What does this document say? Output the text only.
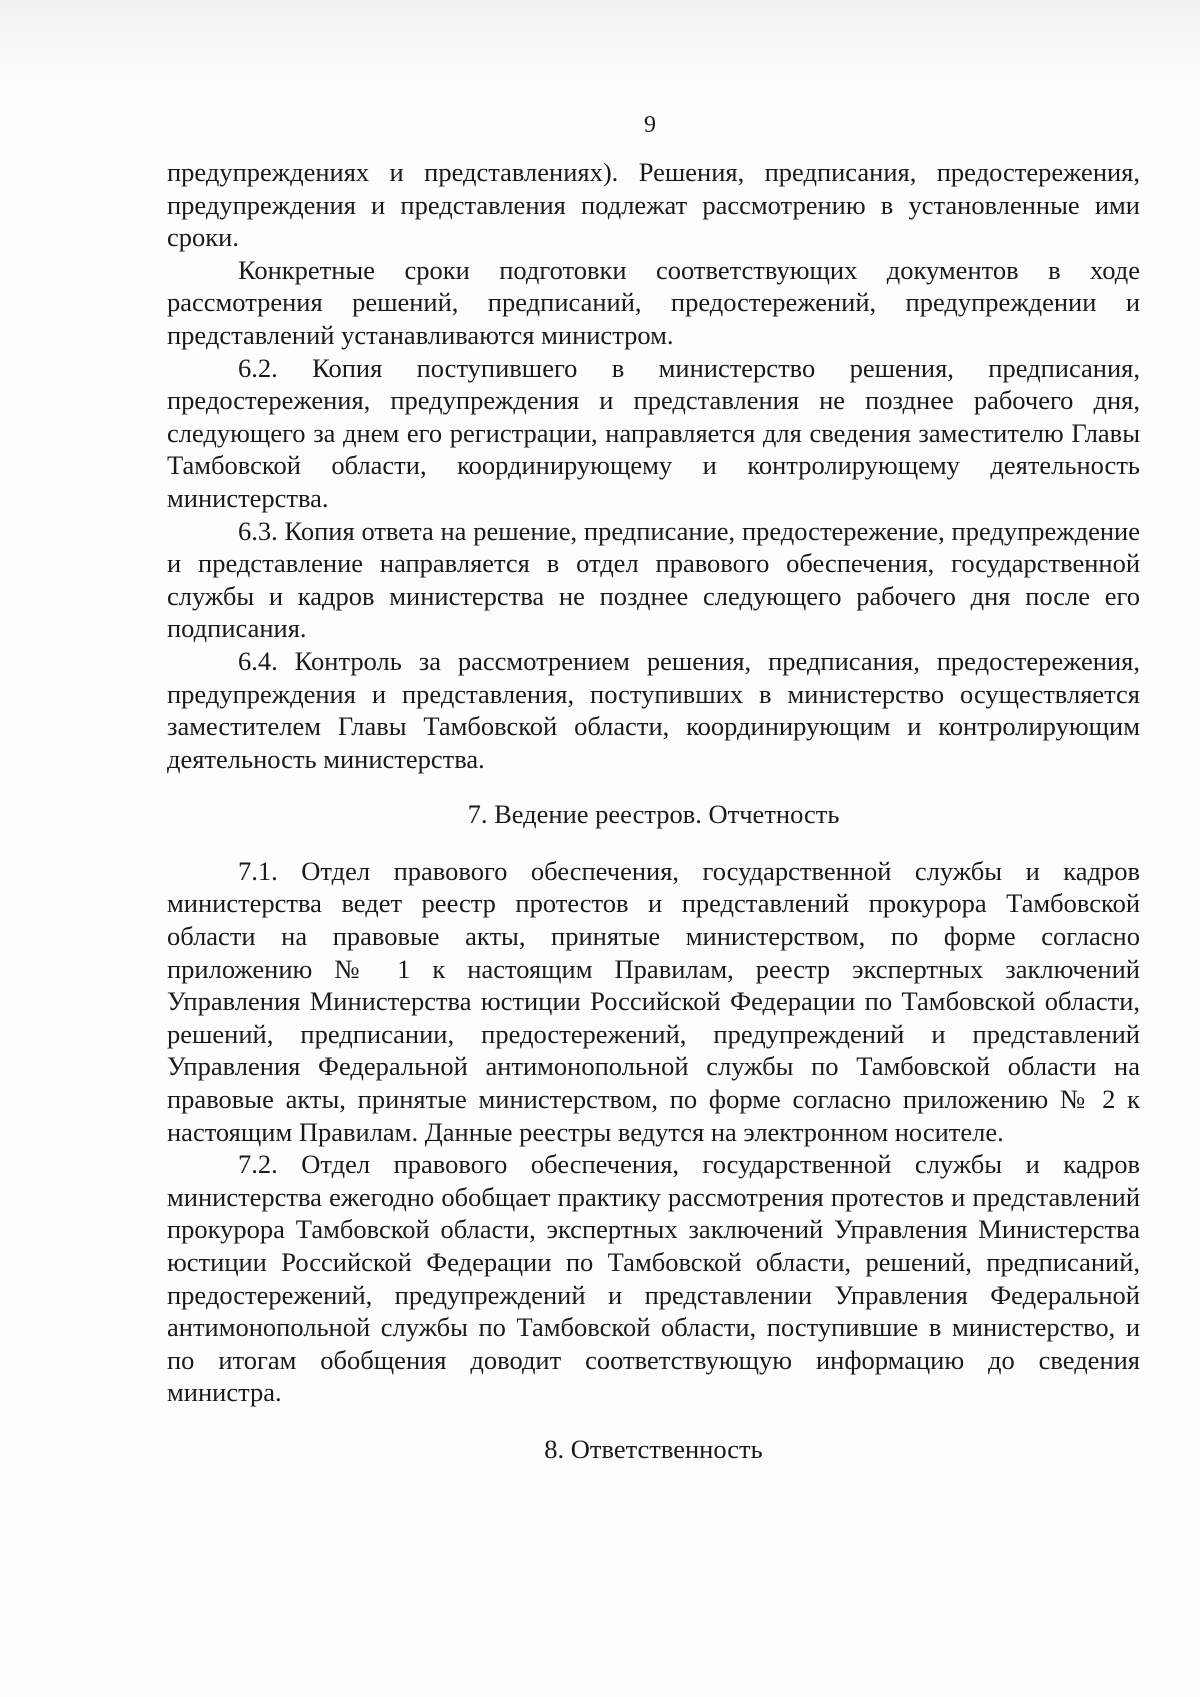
9

предупреждениях и представлениях). Решения, предписания, предостережения, предупреждения и представления подлежат рассмотрению в установленные ими сроки.

Конкретные сроки подготовки соответствующих документов в ходе рассмотрения решений, предписаний, предостережений, предупреждении и представлений устанавливаются министром.

6.2. Копия поступившего в министерство решения, предписания, предостережения, предупреждения и представления не позднее рабочего дня, следующего за днем его регистрации, направляется для сведения заместителю Главы Тамбовской области, координирующему и контролирующему деятельность министерства.

6.3. Копия ответа на решение, предписание, предостережение, предупреждение и представление направляется в отдел правового обеспечения, государственной службы и кадров министерства не позднее следующего рабочего дня после его подписания.

6.4. Контроль за рассмотрением решения, предписания, предостережения, предупреждения и представления, поступивших в министерство осуществляется заместителем Главы Тамбовской области, координирующим и контролирующим деятельность министерства.

7. Ведение реестров. Отчетность

7.1. Отдел правового обеспечения, государственной службы и кадров министерства ведет реестр протестов и представлений прокурора Тамбовской области на правовые акты, принятые министерством, по форме согласно приложению № 1 к настоящим Правилам, реестр экспертных заключений Управления Министерства юстиции Российской Федерации по Тамбовской области, решений, предписании, предостережений, предупреждений и представлений Управления Федеральной антимонопольной службы по Тамбовской области на правовые акты, принятые министерством, по форме согласно приложению № 2 к настоящим Правилам. Данные реестры ведутся на электронном носителе.

7.2. Отдел правового обеспечения, государственной службы и кадров министерства ежегодно обобщает практику рассмотрения протестов и представлений прокурора Тамбовской области, экспертных заключений Управления Министерства юстиции Российской Федерации по Тамбовской области, решений, предписаний, предостережений, предупреждений и представлении Управления Федеральной антимонопольной службы по Тамбовской области, поступившие в министерство, и по итогам обобщения доводит соответствующую информацию до сведения министра.

8. Ответственность
